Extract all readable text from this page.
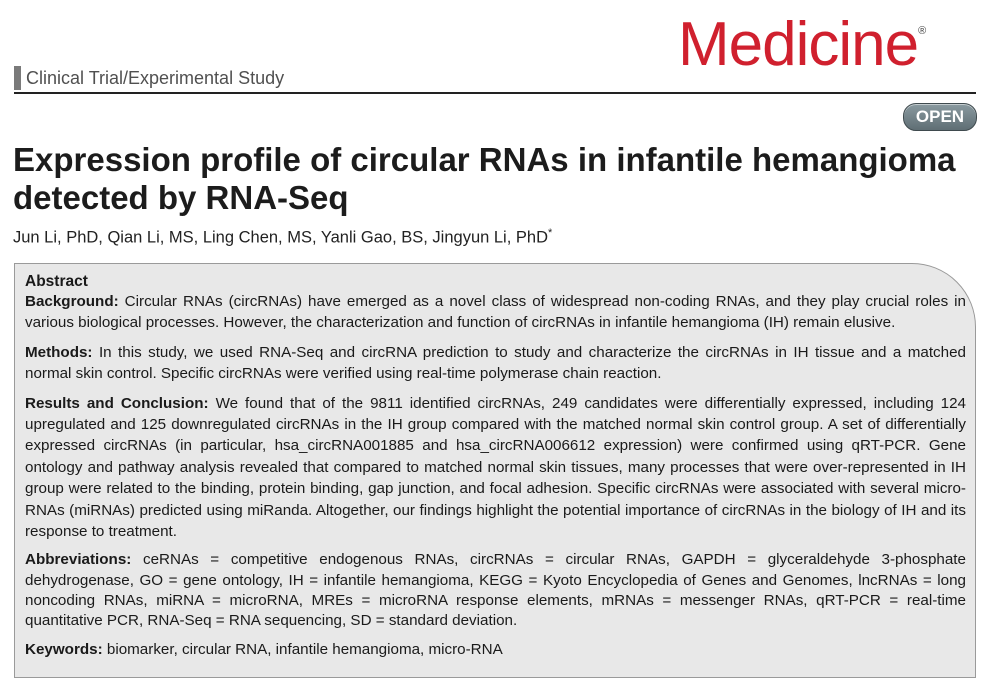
Medicine®
Clinical Trial/Experimental Study
OPEN
Expression profile of circular RNAs in infantile hemangioma detected by RNA-Seq
Jun Li, PhD, Qian Li, MS, Ling Chen, MS, Yanli Gao, BS, Jingyun Li, PhD*

Abstract

Background: Circular RNAs (circRNAs) have emerged as a novel class of widespread non-coding RNAs, and they play crucial roles in various biological processes. However, the characterization and function of circRNAs in infantile hemangioma (IH) remain elusive.

Methods: In this study, we used RNA-Seq and circRNA prediction to study and characterize the circRNAs in IH tissue and a matched normal skin control. Specific circRNAs were verified using real-time polymerase chain reaction.

Results and Conclusion: We found that of the 9811 identified circRNAs, 249 candidates were differentially expressed, including 124 upregulated and 125 downregulated circRNAs in the IH group compared with the matched normal skin control group. A set of differentially expressed circRNAs (in particular, hsa_circRNA001885 and hsa_circRNA006612 expression) were confirmed using qRT-PCR. Gene ontology and pathway analysis revealed that compared to matched normal skin tissues, many processes that were over-represented in IH group were related to the binding, protein binding, gap junction, and focal adhesion. Specific circRNAs were associated with several micro-RNAs (miRNAs) predicted using miRanda. Altogether, our findings highlight the potential importance of circRNAs in the biology of IH and its response to treatment.

Abbreviations: ceRNAs = competitive endogenous RNAs, circRNAs = circular RNAs, GAPDH = glyceraldehyde 3-phosphate dehydrogenase, GO = gene ontology, IH = infantile hemangioma, KEGG = Kyoto Encyclopedia of Genes and Genomes, lncRNAs = long noncoding RNAs, miRNA = microRNA, MREs = microRNA response elements, mRNAs = messenger RNAs, qRT-PCR = real-time quantitative PCR, RNA-Seq = RNA sequencing, SD = standard deviation.

Keywords: biomarker, circular RNA, infantile hemangioma, micro-RNA
